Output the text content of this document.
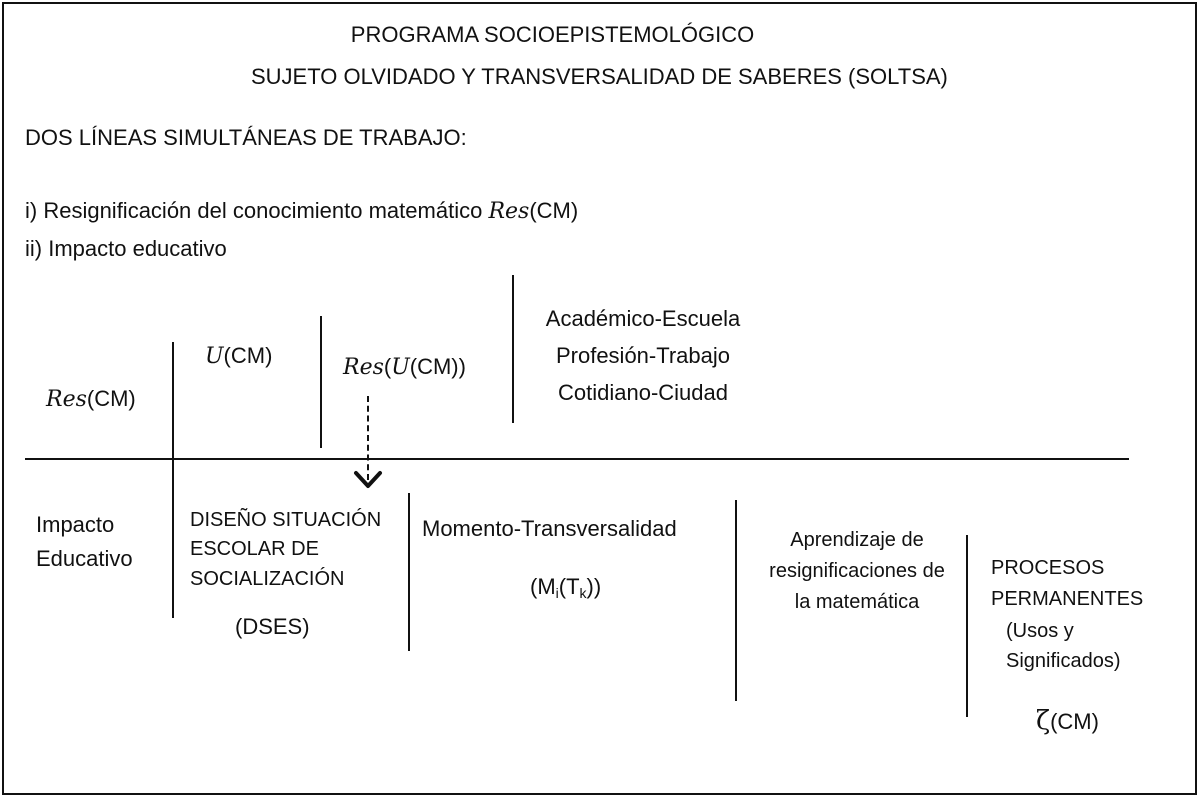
PROGRAMA SOCIOEPISTEMOLÓGICO
SUJETO OLVIDADO Y TRANSVERSALIDAD DE SABERES (SOLTSA)
DOS LÍNEAS SIMULTÁNEAS DE TRABAJO:
i) Resignificación del conocimiento matemático Res(CM)
ii) Impacto educativo
Res(CM)
U(CM)	Res(U(CM))
Académico-Escuela
Profesión-Trabajo
Cotidiano-Ciudad
Impacto
Educativo
DISEÑO SITUACIÓN
ESCOLAR DE
SOCIALIZACIÓN
(DSES)
Momento-Transversalidad
$(M_i(T_k))$
Aprendizaje de
resignificaciones de
la matemática
PROCESOS
PERMANENTES
(Usos y
Significados)
ζ(CM)
